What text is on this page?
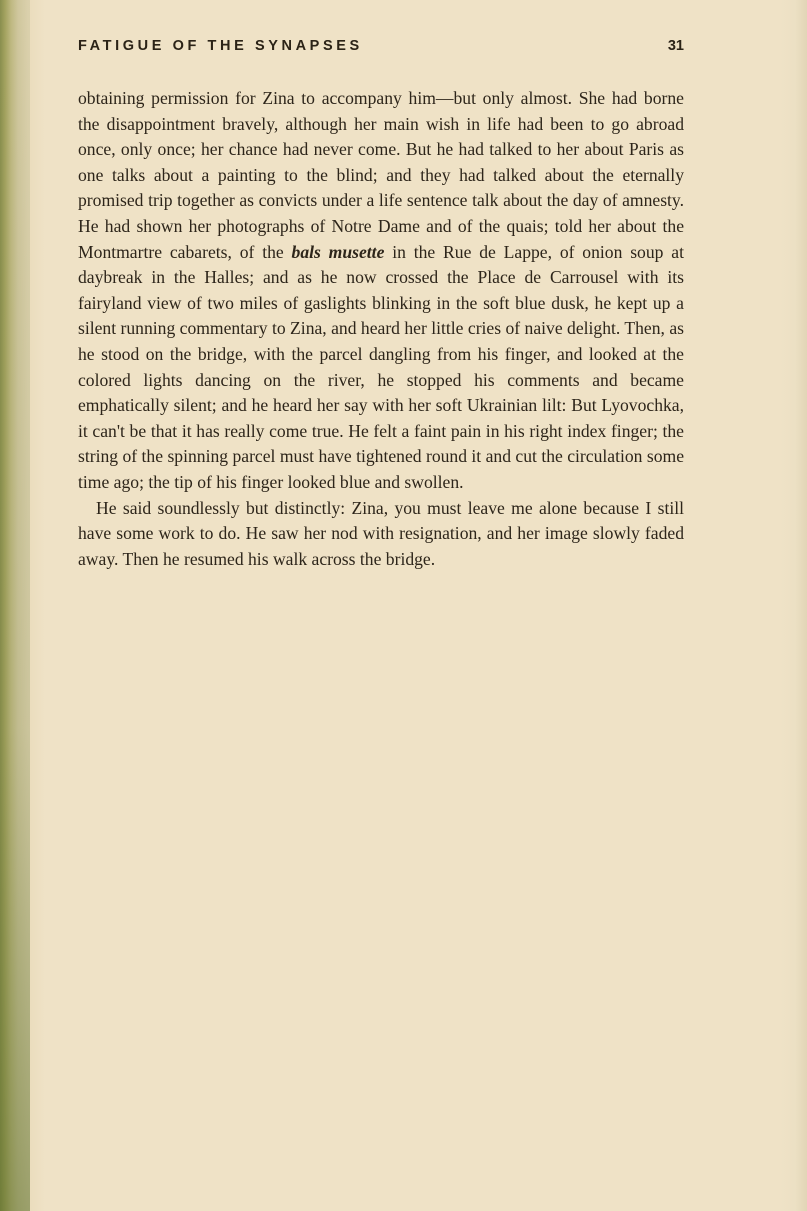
FATIGUE OF THE SYNAPSES	31

obtaining permission for Zina to accompany him—but only almost. She had borne the disappointment bravely, although her main wish in life had been to go abroad once, only once; her chance had never come. But he had talked to her about Paris as one talks about a painting to the blind; and they had talked about the eternally promised trip together as convicts under a life sentence talk about the day of amnesty. He had shown her photographs of Notre Dame and of the quais; told her about the Montmartre cabarets, of the bals musette in the Rue de Lappe, of onion soup at daybreak in the Halles; and as he now crossed the Place de Carrousel with its fairyland view of two miles of gaslights blinking in the soft blue dusk, he kept up a silent running commentary to Zina, and heard her little cries of naive delight. Then, as he stood on the bridge, with the parcel dangling from his finger, and looked at the colored lights dancing on the river, he stopped his comments and became emphatically silent; and he heard her say with her soft Ukrainian lilt: But Lyovochka, it can't be that it has really come true. He felt a faint pain in his right index finger; the string of the spinning parcel must have tightened round it and cut the circulation some time ago; the tip of his finger looked blue and swollen.

He said soundlessly but distinctly: Zina, you must leave me alone because I still have some work to do. He saw her nod with resignation, and her image slowly faded away. Then he resumed his walk across the bridge.
